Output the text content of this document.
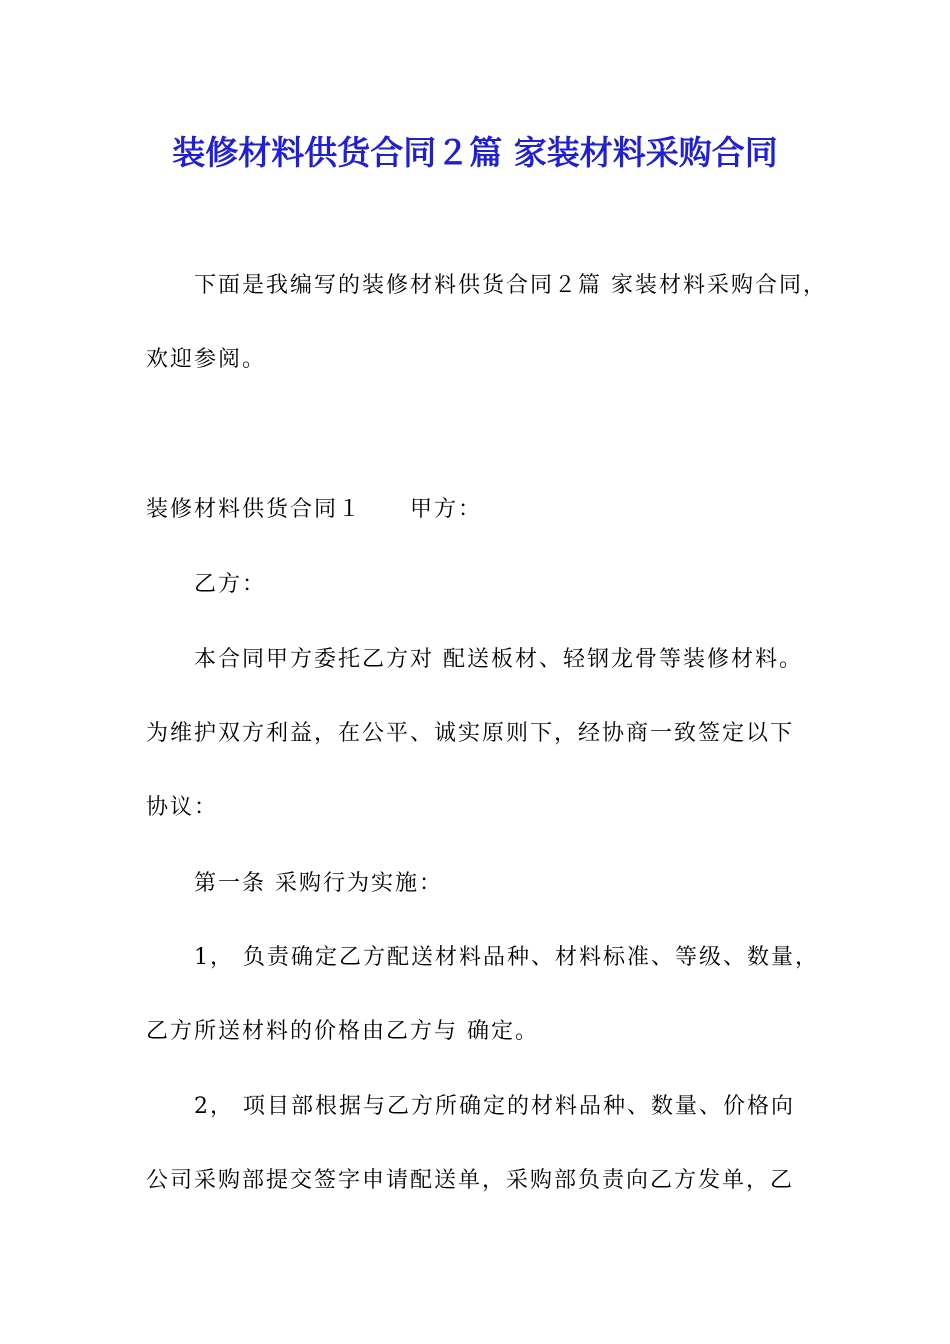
装修材料供货合同２篇 家装材料采购合同
下面是我编写的装修材料供货合同２篇 家装材料采购合同，
欢迎参阅。
装修材料供货合同１　　甲方：
乙方：
本合同甲方委托乙方对 配送板材、轻钢龙骨等装修材料。
为维护双方利益，在公平、诚实原则下，经协商一致签定以下
协议：
第一条 采购行为实施：
1， 负责确定乙方配送材料品种、材料标准、等级、数量，
乙方所送材料的价格由乙方与 确定。
2， 项目部根据与乙方所确定的材料品种、数量、价格向
公司采购部提交签字申请配送单，采购部负责向乙方发单，乙
